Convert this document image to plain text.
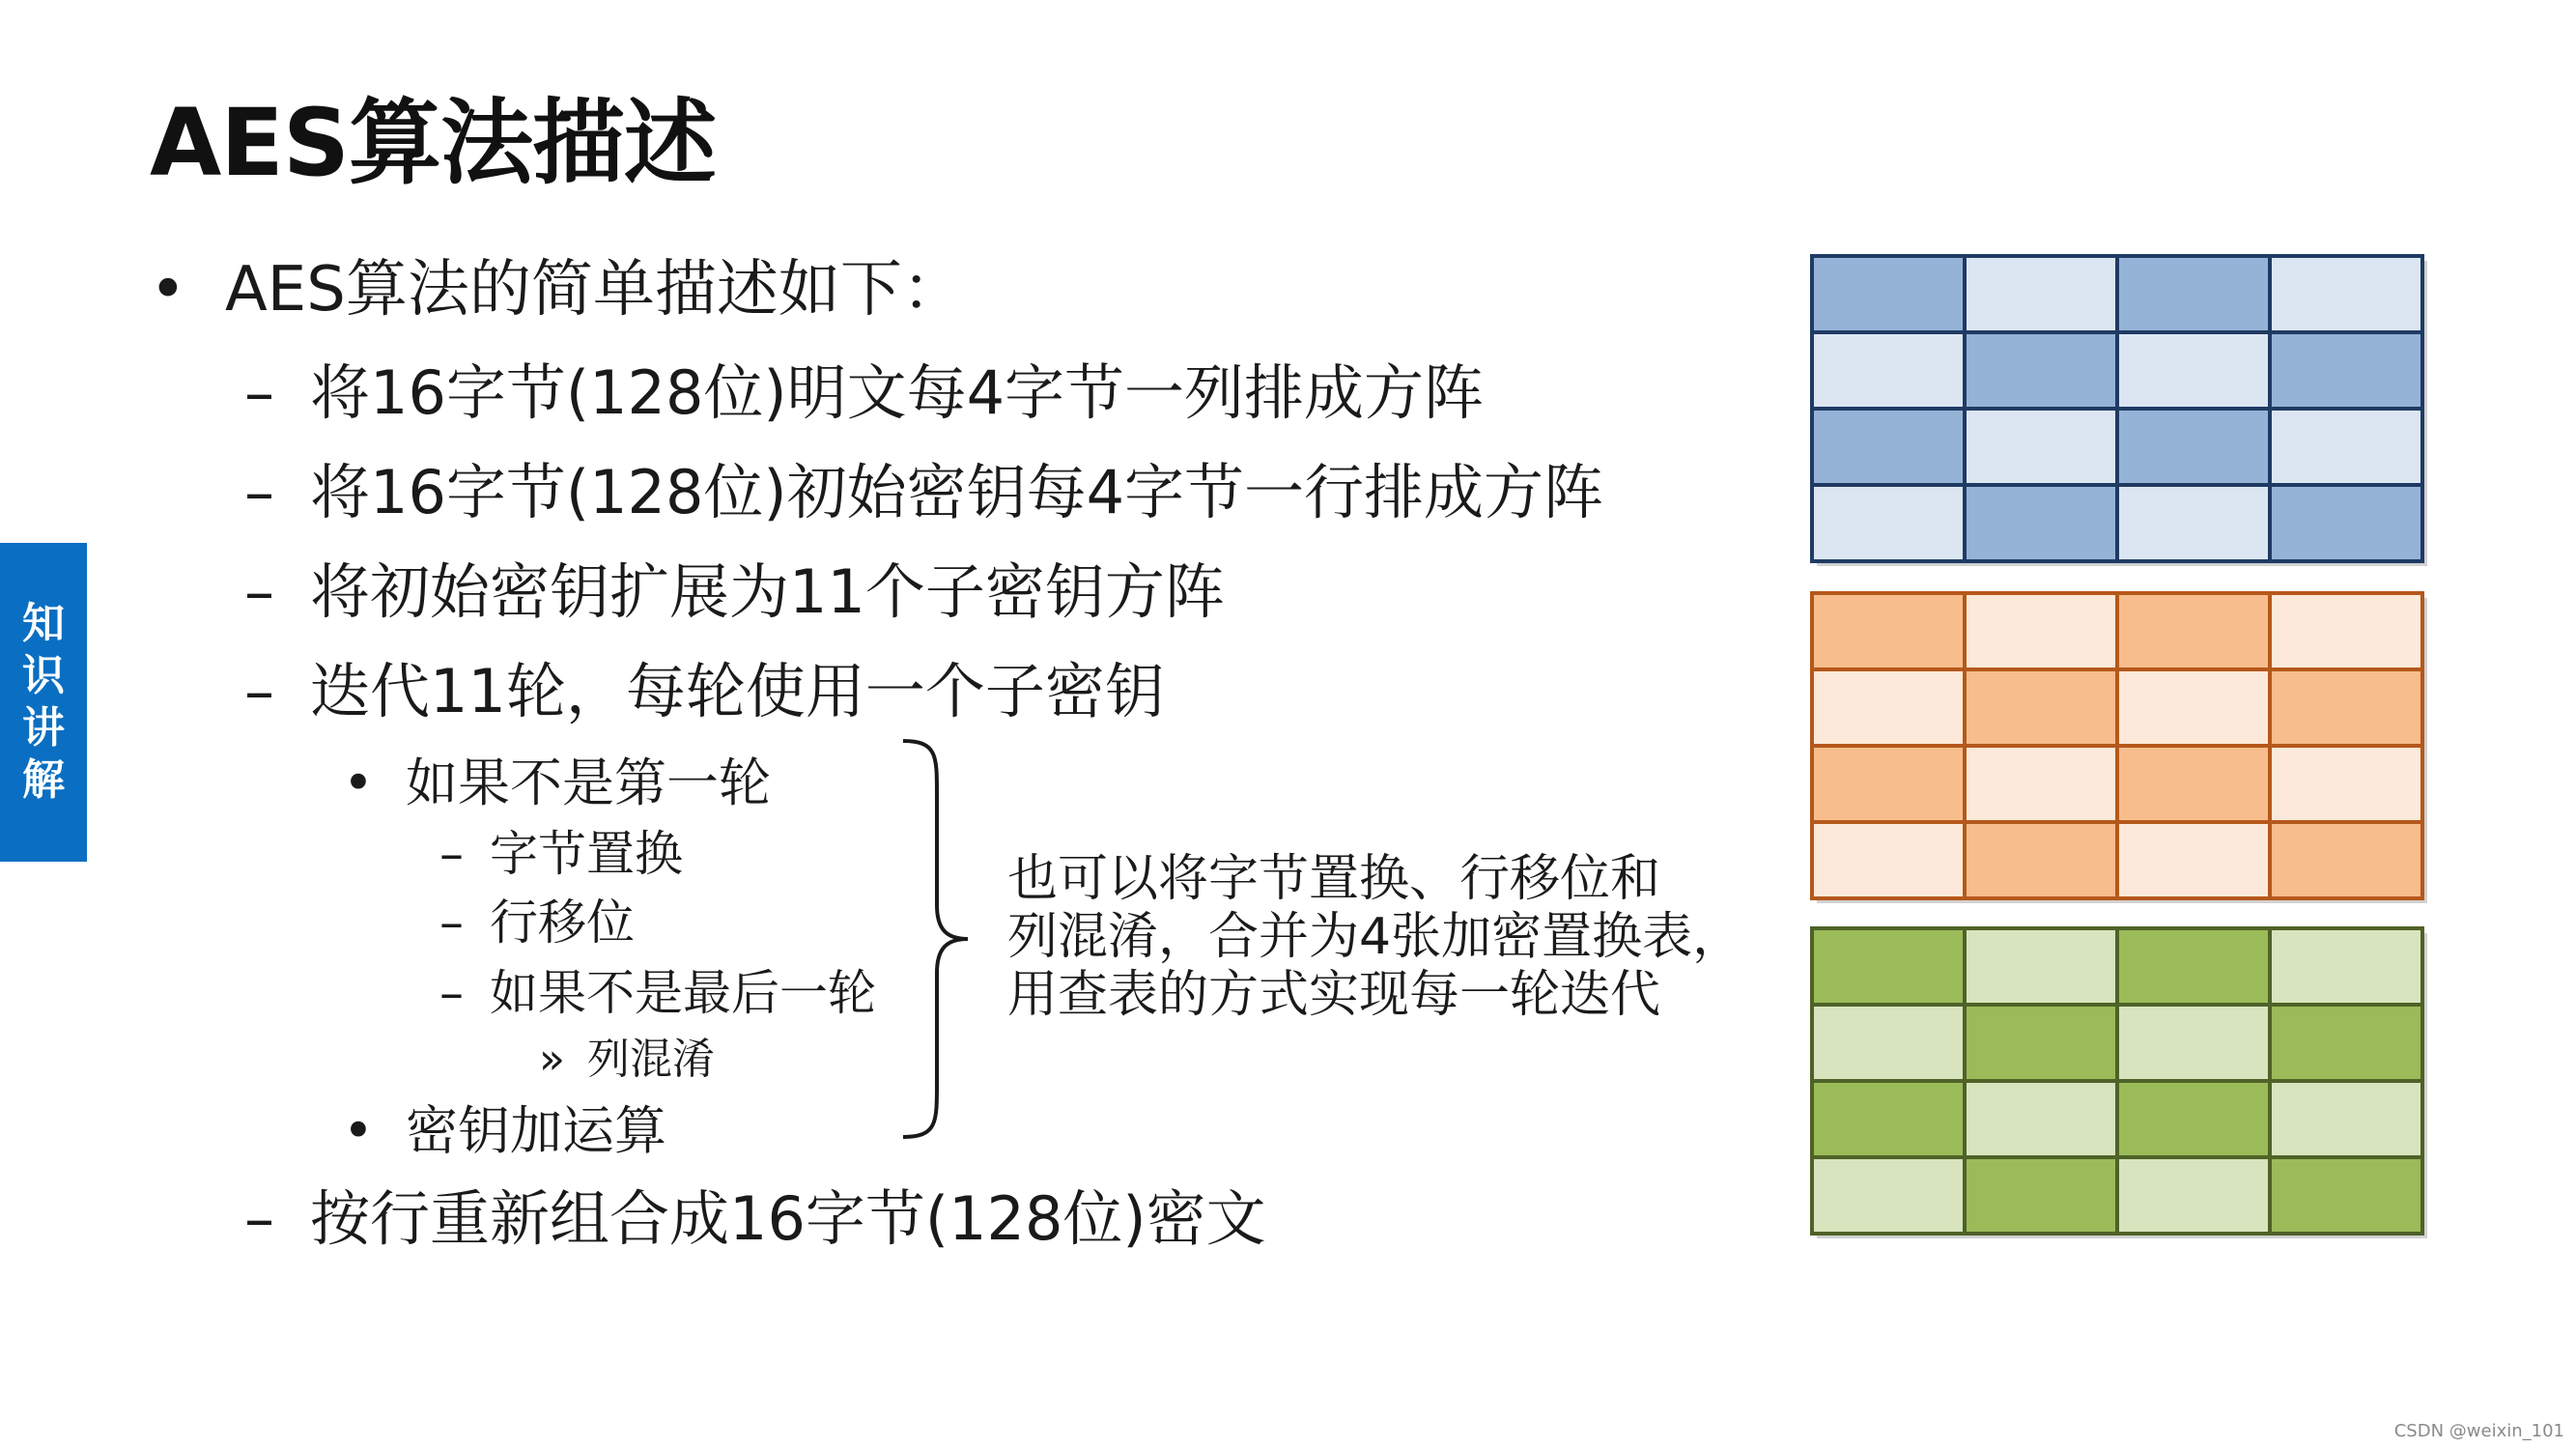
AES算法描述
知
识
讲
解
• AES算法的简单描述如下：
– 将16字节(128位)明文每4字节一列排成方阵
– 将16字节(128位)初始密钥每4字节一行排成方阵
– 将初始密钥扩展为11个子密钥方阵
– 迭代11轮，每轮使用一个子密钥
• 如果不是第一轮
– 字节置换
– 行移位
– 如果不是最后一轮
» 列混淆
• 密钥加运算
– 按行重新组合成16字节(128位)密文
也可以将字节置换、行移位和
列混淆，合并为4张加密置换表，
用查表的方式实现每一轮迭代
CSDN @weixin_101
